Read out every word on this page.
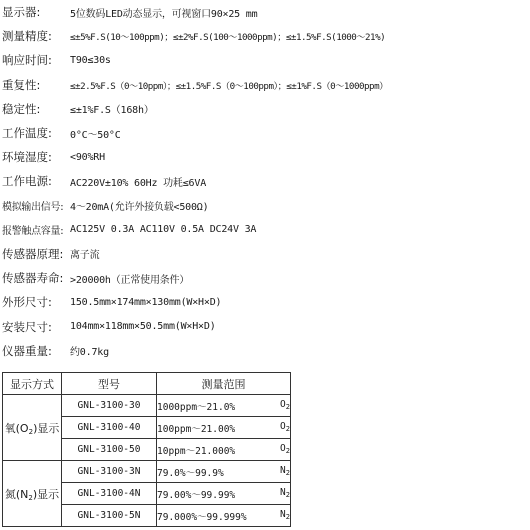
显示器:	5位数码LED动态显示，可视窗口90×25 mm
测量精度:	≤±5%F.S(10～100ppm)；≤±2%F.S(100～1000ppm)；≤±1.5%F.S(1000～21%)
响应时间:	T90≤30s
重复性:	≤±2.5%F.S（0～10ppm）；≤±1.5%F.S（0～100ppm）；≤±1%F.S（0～1000ppm）
稳定性:	≤±1%F.S（168h）
工作温度:	0°C～50°C
环境湿度:	<90%RH
工作电源:	AC220V±10% 60Hz 功耗≤6VA
模拟输出信号: 4～20mA(允许外接负载<500Ω)
报警触点容量: AC125V 0.3A AC110V 0.5A DC24V 3A
传感器原理: 离子流
传感器寿命: >20000h（正常使用条件）
外形尺寸:	150.5mm×174mm×130mm(W×H×D)
安装尺寸:	104mm×118mm×50.5mm(W×H×D)
仪器重量:	约0.7kg
显示方式	型号	测量范围
氧$(O_2)$显示	GNL-3100-30	1000ppm～21.0% $O_2$

	GNL-3100-40	100ppm～21.00% $O_2$

	GNL-3100-50	10ppm～21.000% $O_2$

氮$(N_2)$显示	GNL-3100-3N	79.0%～99.9% $N_2$

	GNL-3100-4N	79.00%～99.99% $N_2$

	GNL-3100-5N	79.000%～99.999% $N_2$
